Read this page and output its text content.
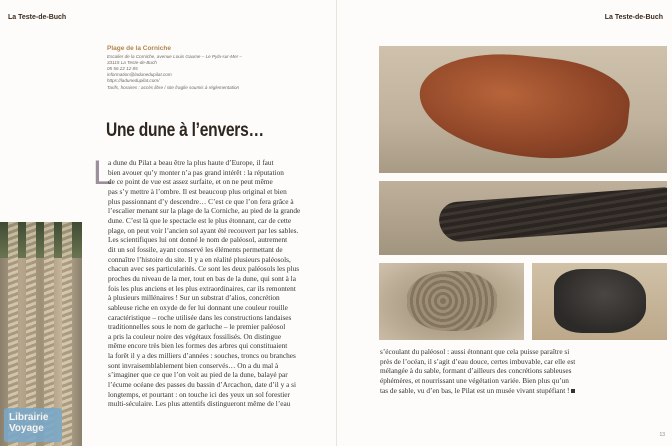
La Teste-de-Buch
Plage de la Corniche
Escalier de la Corniche, avenue Louis Gaume – Le Pyla-sur-Mer –
33115 La Teste-de-Buch
05 56 22 12 85
information@ladunedupilat.com
https://ladunedupilat.com/
Tarifs, horaires : accès libre / site fragile soumis à réglementation
Une dune à l’envers…
L
a dune du Pilat a beau être la plus haute d’Europe, il faut
bien avouer qu’y monter n’a pas grand intérêt : la réputation
de ce point de vue est assez surfaite, et on ne peut même
pas s’y mettre à l’ombre. Il est beaucoup plus original et bien
plus passionnant d’y descendre… C’est ce que l’on fera grâce à
l’escalier menant sur la plage de la Corniche, au pied de la grande
dune. C’est là que le spectacle est le plus étonnant, car de cette
plage, on peut voir l’ancien sol ayant été recouvert par les sables.
Les scientifiques lui ont donné le nom de paléosol, autrement
dit un sol fossile, ayant conservé les éléments permettant de
connaître l’histoire du site. Il y a en réalité plusieurs paléosols,
chacun avec ses particularités. Ce sont les deux paléosols les plus
proches du niveau de la mer, tout en bas de la dune, qui sont à la
fois les plus anciens et les plus extraordinaires, car ils remontent
à plusieurs millénaires ! Sur un substrat d’alios, concrétion
sableuse riche en oxyde de fer lui donnant une couleur rouille
caractéristique – roche utilisée dans les constructions landaises
traditionnelles sous le nom de garluche – le premier paléosol
a pris la couleur noire des végétaux fossilisés. On distingue
même encore très bien les formes des arbres qui constituaient
la forêt il y a des milliers d’années : souches, troncs ou branches
sont invraisemblablement bien conservés… On a du mal à
s’imaginer que ce que l’on voit au pied de la dune, balayé par
l’écume océane des passes du bassin d’Arcachon, date d’il y a si
longtemps, et pourtant : on touche ici des yeux un sol forestier
multi-séculaire. Les plus attentifs distingueront même de l’eau
Librairie
Voyage
La Teste-de-Buch
13
s’écoulant du paléosol : aussi étonnant que cela puisse paraître si
près de l’océan, il s’agit d’eau douce, certes imbuvable, car elle est
mélangée à du sable, formant d’ailleurs des concrétions sableuses
éphémères, et nourrissant une végétation variée. Bien plus qu’un
tas de sable, vu d’en bas, le Pilat est un musée vivant stupéfiant !
